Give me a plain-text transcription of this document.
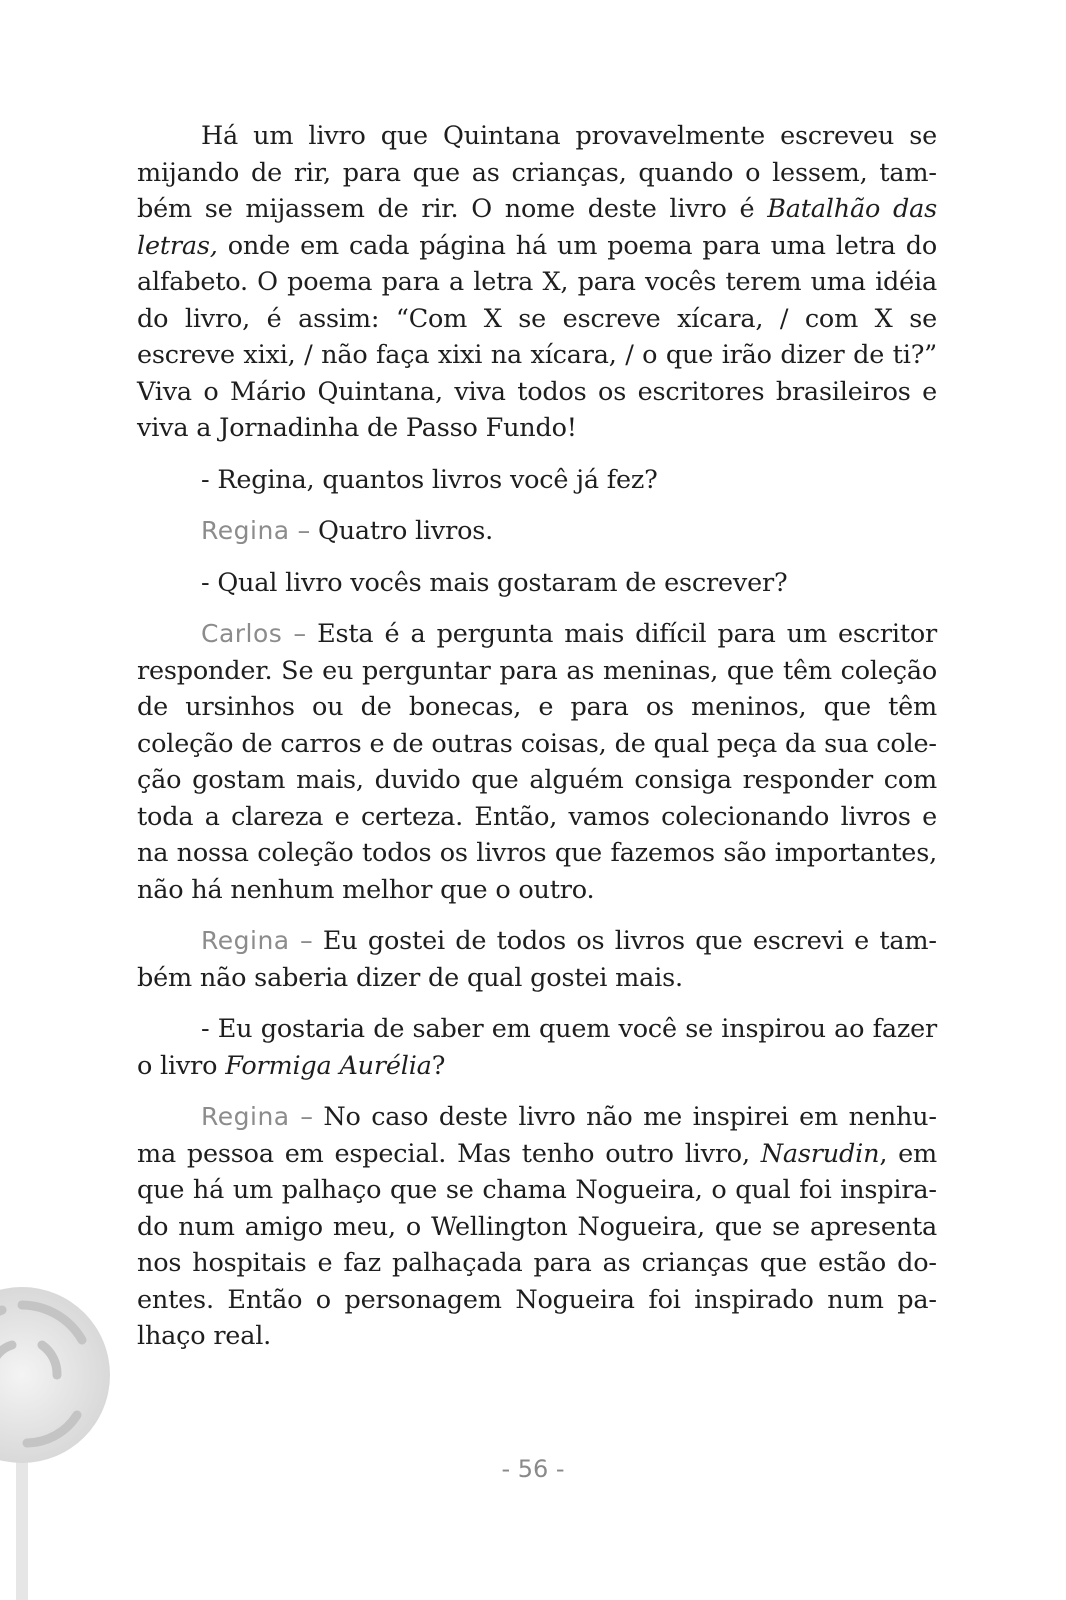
Há um livro que Quintana provavelmente escreveu se mijando de rir, para que as crianças, quando o lessem, também se mijassem de rir. O nome deste livro é Batalhão das letras, onde em cada página há um poema para uma letra do alfabeto. O poema para a letra X, para vocês terem uma idéia do livro, é assim: “Com X se escreve xícara, / com X se escreve xixi, / não faça xixi na xícara, / o que irão dizer de ti?” Viva o Mário Quintana, viva todos os escritores brasileiros e viva a Jornadinha de Passo Fundo!

- Regina, quantos livros você já fez?

Regina – Quatro livros.

- Qual livro vocês mais gostaram de escrever?

Carlos – Esta é a pergunta mais difícil para um escritor responder. Se eu perguntar para as meninas, que têm coleção de ursinhos ou de bonecas, e para os meninos, que têm coleção de carros e de outras coisas, de qual peça da sua coleção gostam mais, duvido que alguém consiga responder com toda a clareza e certeza. Então, vamos colecionando livros e na nossa coleção todos os livros que fazemos são importantes, não há nenhum melhor que o outro.

Regina – Eu gostei de todos os livros que escrevi e também não saberia dizer de qual gostei mais.

- Eu gostaria de saber em quem você se inspirou ao fazer o livro Formiga Aurélia?

Regina – No caso deste livro não me inspirei em nenhuma pessoa em especial. Mas tenho outro livro, Nasrudin, em que há um palhaço que se chama Nogueira, o qual foi inspirado num amigo meu, o Wellington Nogueira, que se apresenta nos hospitais e faz palhaçada para as crianças que estão doentes. Então o personagem Nogueira foi inspirado num palhaço real.

- 56 -
